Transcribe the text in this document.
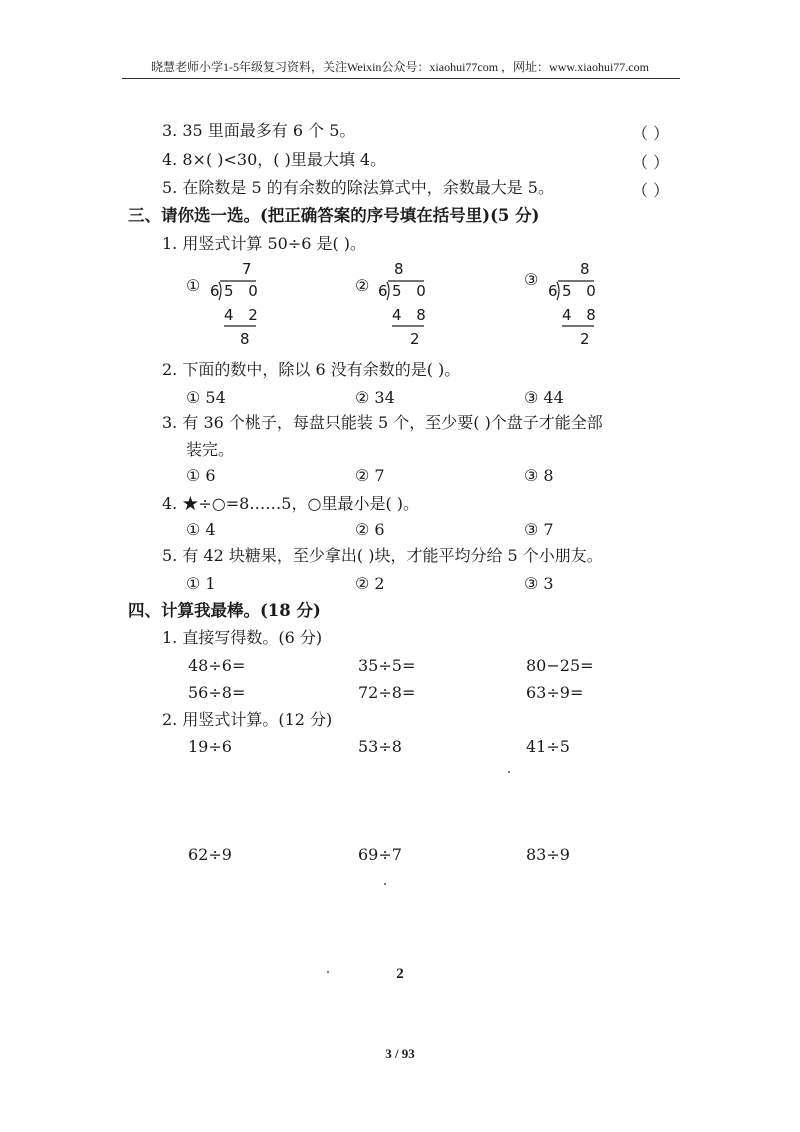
晓慧老师小学1-5年级复习资料，关注Weixin公众号：xiaohui77com ，网址：www.xiaohui77.com
3. 35 里面最多有 6 个 5。	（ ）
4. 8×( )<30，( )里最大填 4。	（ ）
5. 在除数是 5 的有余数的除法算式中，余数最大是 5。	（ ）
三、请你选一选。(把正确答案的序号填在括号里)(5 分)
1. 用竖式计算 50÷6 是( )。
①
7
6 5 0
4 2
8
②
8
6 5 0
4 8
2
③
8
6 5 0
4 8
2
2. 下面的数中，除以 6 没有余数的是( )。
① 54	② 34	③ 44
3. 有 36 个桃子，每盘只能装 5 个，至少要( )个盘子才能全部
装完。
① 6	② 7	③ 8
4. ★÷○=8……5，○里最小是( )。
① 4	② 6	③ 7
5. 有 42 块糖果，至少拿出( )块，才能平均分给 5 个小朋友。
① 1	② 2	③ 3
四、计算我最棒。(18 分)
1. 直接写得数。(6 分)
48÷6=	35÷5=	80−25=
56÷8=	72÷8=	63÷9=
2. 用竖式计算。(12 分)
19÷6	53÷8	41÷5
62÷9	69÷7	83÷9
2
3 / 93
